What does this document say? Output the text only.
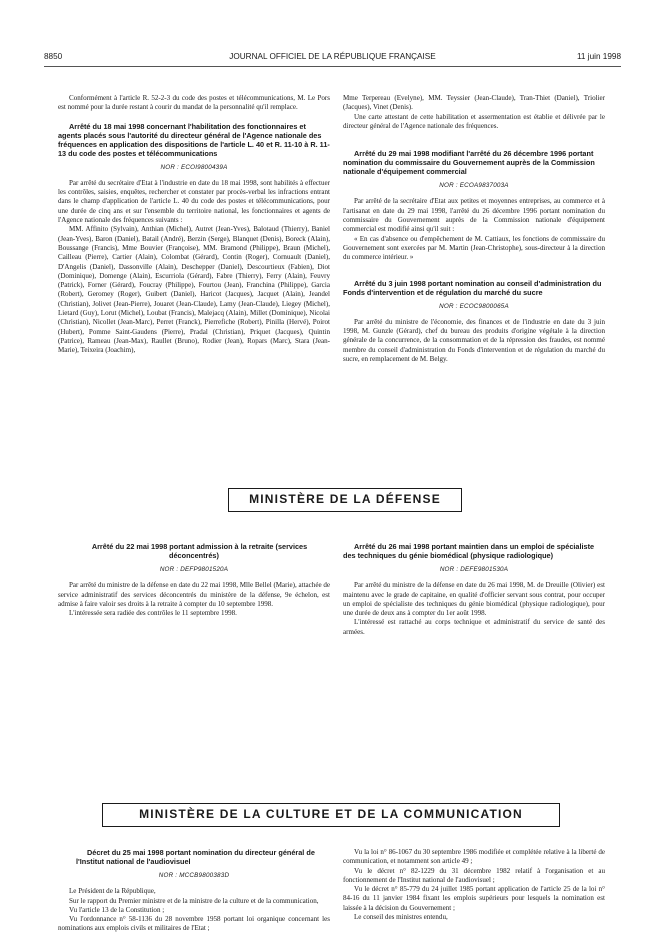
8850	JOURNAL OFFICIEL DE LA RÉPUBLIQUE FRANÇAISE	11 juin 1998

Conformément à l'article R. 52-2-3 du code des postes et télécommunications, M. Le Pors est nommé pour la durée restant à courir du mandat de la personnalité qu'il remplace.

Arrêté du 18 mai 1998 concernant l'habilitation des fonctionnaires et agents placés sous l'autorité du directeur général de l'Agence nationale des fréquences en application des dispositions de l'article L. 40 et R. 11-10 à R. 11-13 du code des postes et télécommunications

NOR : ECOI9800439A

Par arrêté du secrétaire d'Etat à l'industrie en date du 18 mai 1998, sont habilités à effectuer les contrôles, saisies, enquêtes, rechercher et constater par procès-verbal les infractions entrant dans le champ d'application de l'article L. 40 du code des postes et télécommunications, pour une durée de cinq ans et sur l'ensemble du territoire national, les fonctionnaires et agents de l'Agence nationale des fréquences suivants :

MM. Affinito (Sylvain), Anthian (Michel), Autret (Jean-Yves), Balotaud (Thierry), Baniel (Jean-Yves), Baron (Daniel), Batail (André), Berzin (Serge), Blanquet (Denis), Boreck (Alain), Boussange (Francis), Mme Bouvier (Françoise), MM. Bramond (Philippe), Braun (Michel), Cailleau (Pierre), Cartier (Alain), Colombat (Gérard), Contin (Roger), Cornuault (Daniel), D'Angelis (Daniel), Dassonville (Alain), Deschepper (Daniel), Descourtieux (Fabien), Diot (Dominique), Domenge (Alain), Escurriola (Gérard), Fabre (Thierry), Ferry (Alain), Feuvry (Patrick), Forner (Gérard), Foucray (Philippe), Fourtou (Jean), Franchina (Philippe), Garcia (Robert), Geromey (Roger), Guibert (Daniel), Haricot (Jacques), Jacquet (Alain), Jeandel (Christian), Jolivet (Jean-Pierre), Jouaret (Jean-Claude), Lamy (Jean-Claude), Liegey (Michel), Lietard (Guy), Lorut (Michel), Loubat (Francis), Malejacq (Alain), Millet (Dominique), Nicolai (Christian), Nicollet (Jean-Marc), Perret (Franck), Pierrefiche (Robert), Pinilla (Hervé), Poirot (Hubert), Pomme Saint-Gaudens (Pierre), Pradal (Christian), Priquet (Jacques), Quintin (Patrice), Rameau (Jean-Max), Raullet (Bruno), Rodier (Jean), Ropars (Marc), Stara (Jean-Marie), Teixeira (Joachim),

Mme Terpereau (Evelyne), MM. Teyssier (Jean-Claude), Tran-Thiet (Daniel), Triolier (Jacques), Vinet (Denis).

Une carte attestant de cette habilitation et assermentation est établie et délivrée par le directeur général de l'Agence nationale des fréquences.

Arrêté du 29 mai 1998 modifiant l'arrêté du 26 décembre 1996 portant nomination du commissaire du Gouvernement auprès de la Commission nationale d'équipement commercial

NOR : ECOA9837003A

Par arrêté de la secrétaire d'Etat aux petites et moyennes entreprises, au commerce et à l'artisanat en date du 29 mai 1998, l'arrêté du 26 décembre 1996 portant nomination du commissaire du Gouvernement auprès de la Commission nationale d'équipement commercial est modifié ainsi qu'il suit :

« En cas d'absence ou d'empêchement de M. Cattiaux, les fonctions de commissaire du Gouvernement sont exercées par M. Martin (Jean-Christophe), sous-directeur à la direction du commerce intérieur. »

Arrêté du 3 juin 1998 portant nomination au conseil d'administration du Fonds d'intervention et de régulation du marché du sucre

NOR : ECOC9800065A

Par arrêté du ministre de l'économie, des finances et de l'industrie en date du 3 juin 1998, M. Gunzle (Gérard), chef du bureau des produits d'origine végétale à la direction générale de la concurrence, de la consommation et de la répression des fraudes, est nommé membre du conseil d'administration du Fonds d'intervention et de régulation du marché du sucre, en remplacement de M. Belgy.

MINISTÈRE DE LA DÉFENSE

Arrêté du 22 mai 1998 portant admission à la retraite (services déconcentrés)

NOR : DEFP9801520A

Par arrêté du ministre de la défense en date du 22 mai 1998, Mlle Bellel (Marie), attachée de service administratif des services déconcentrés du ministère de la défense, 9e échelon, est admise à faire valoir ses droits à la retraite à compter du 10 septembre 1998.

L'intéressée sera radiée des contrôles le 11 septembre 1998.

Arrêté du 26 mai 1998 portant maintien dans un emploi de spécialiste des techniques du génie biomédical (physique radiologique)

NOR : DEFE9801530A

Par arrêté du ministre de la défense en date du 26 mai 1998, M. de Dreuille (Olivier) est maintenu avec le grade de capitaine, en qualité d'officier servant sous contrat, pour occuper un emploi de spécialiste des techniques du génie biomédical (physique radiologique), pour une durée de deux ans à compter du 1er août 1998.

L'intéressé est rattaché au corps technique et administratif du service de santé des armées.

MINISTÈRE DE LA CULTURE ET DE LA COMMUNICATION

Décret du 25 mai 1998 portant nomination du directeur général de l'Institut national de l'audiovisuel

NOR : MCCB9800383D

Le Président de la République,

Sur le rapport du Premier ministre et de la ministre de la culture et de la communication,

Vu l'article 13 de la Constitution ;

Vu l'ordonnance n° 58-1136 du 28 novembre 1958 portant loi organique concernant les nominations aux emplois civils et militaires de l'Etat ;

Vu la loi n° 86-1067 du 30 septembre 1986 modifiée et complétée relative à la liberté de communication, et notamment son article 49 ;

Vu le décret n° 82-1229 du 31 décembre 1982 relatif à l'organisation et au fonctionnement de l'Institut national de l'audiovisuel ;

Vu le décret n° 85-779 du 24 juillet 1985 portant application de l'article 25 de la loi n° 84-16 du 11 janvier 1984 fixant les emplois supérieurs pour lesquels la nomination est laissée à la décision du Gouvernement ;

Le conseil des ministres entendu,
